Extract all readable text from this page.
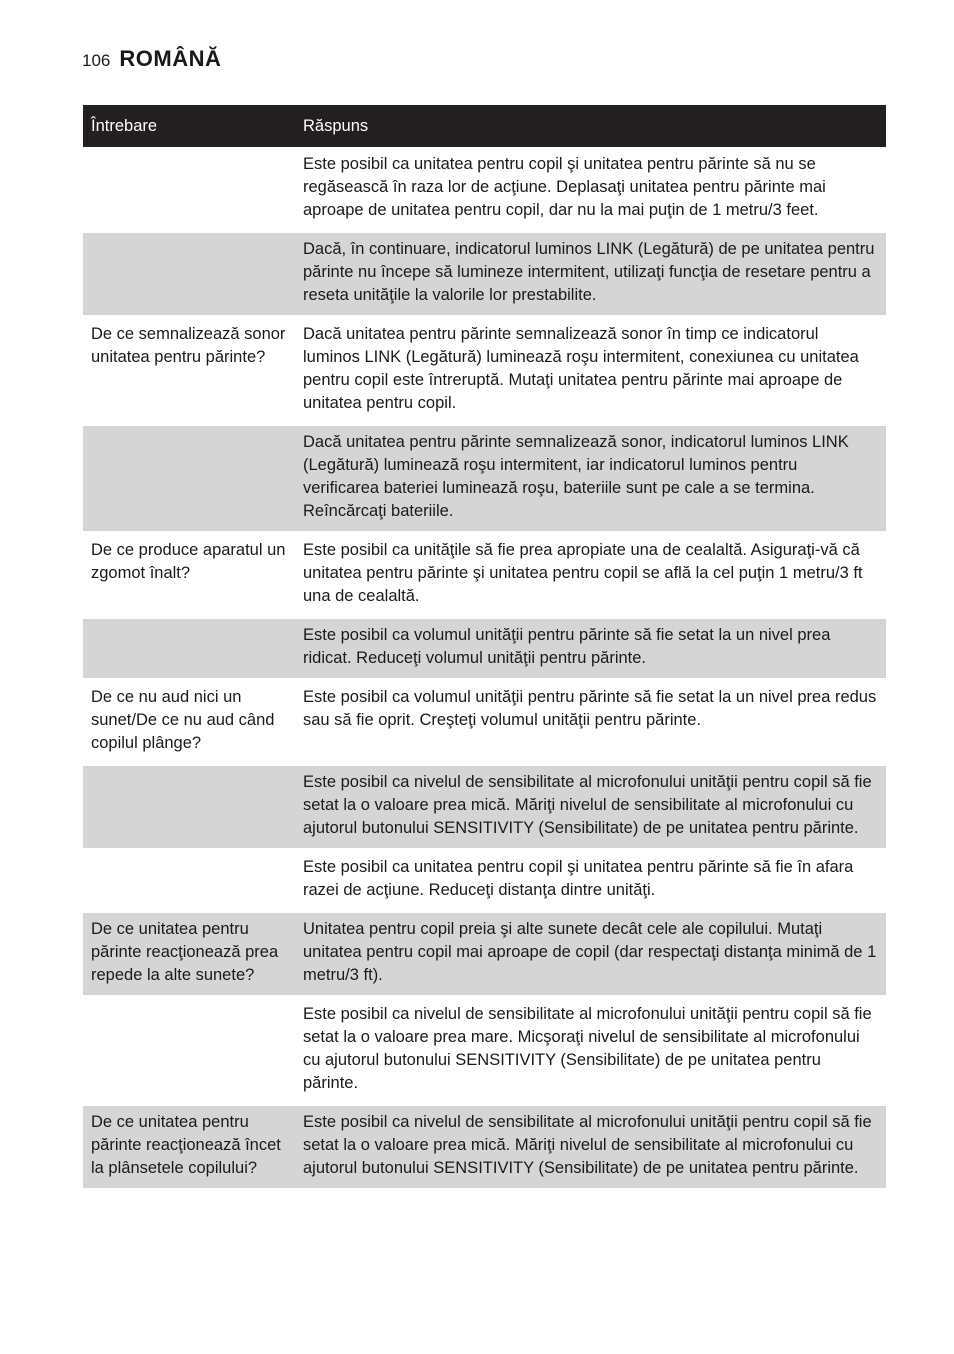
106 ROMÂNĂ
Întrebare	Răspuns
	Este posibil ca unitatea pentru copil şi unitatea pentru părinte să nu se regăsească în raza lor de acţiune. Deplasaţi unitatea pentru părinte mai aproape de unitatea pentru copil, dar nu la mai puţin de 1 metru/3 feet.
	Dacă, în continuare, indicatorul luminos LINK (Legătură) de pe unitatea pentru părinte nu începe să lumineze intermitent, utilizaţi funcţia de resetare pentru a reseta unităţile la valorile lor prestabilite.
De ce semnalizează sonor unitatea pentru părinte?	Dacă unitatea pentru părinte semnalizează sonor în timp ce indicatorul luminos LINK (Legătură) luminează roşu intermitent, conexiunea cu unitatea pentru copil este întreruptă. Mutaţi unitatea pentru părinte mai aproape de unitatea pentru copil.
	Dacă unitatea pentru părinte semnalizează sonor, indicatorul luminos LINK (Legătură) luminează roşu intermitent, iar indicatorul luminos pentru verificarea bateriei luminează roşu, bateriile sunt pe cale a se termina. Reîncărcaţi bateriile.
De ce produce aparatul un zgomot înalt?	Este posibil ca unităţile să fie prea apropiate una de cealaltă. Asiguraţi-vă că unitatea pentru părinte şi unitatea pentru copil se află la cel puţin 1 metru/3 ft una de cealaltă.
	Este posibil ca volumul unităţii pentru părinte să fie setat la un nivel prea ridicat. Reduceţi volumul unităţii pentru părinte.
De ce nu aud nici un sunet/De ce nu aud când copilul plânge?	Este posibil ca volumul unităţii pentru părinte să fie setat la un nivel prea redus sau să fie oprit. Creşteţi volumul unităţii pentru părinte.
	Este posibil ca nivelul de sensibilitate al microfonului unităţii pentru copil să fie setat la o valoare prea mică. Măriţi nivelul de sensibilitate al microfonului cu ajutorul butonului SENSITIVITY (Sensibilitate) de pe unitatea pentru părinte.
	Este posibil ca unitatea pentru copil şi unitatea pentru părinte să fie în afara razei de acţiune. Reduceţi distanţa dintre unităţi.
De ce unitatea pentru părinte reacţionează prea repede la alte sunete?	Unitatea pentru copil preia şi alte sunete decât cele ale copilului. Mutaţi unitatea pentru copil mai aproape de copil (dar respectaţi distanţa minimă de 1 metru/3 ft).
	Este posibil ca nivelul de sensibilitate al microfonului unităţii pentru copil să fie setat la o valoare prea mare. Micşoraţi nivelul de sensibilitate al microfonului cu ajutorul butonului SENSITIVITY (Sensibilitate) de pe unitatea pentru părinte.
De ce unitatea pentru părinte reacţionează încet la plânsetele copilului?	Este posibil ca nivelul de sensibilitate al microfonului unităţii pentru copil să fie setat la o valoare prea mică. Măriţi nivelul de sensibilitate al microfonului cu ajutorul butonului SENSITIVITY (Sensibilitate) de pe unitatea pentru părinte.
